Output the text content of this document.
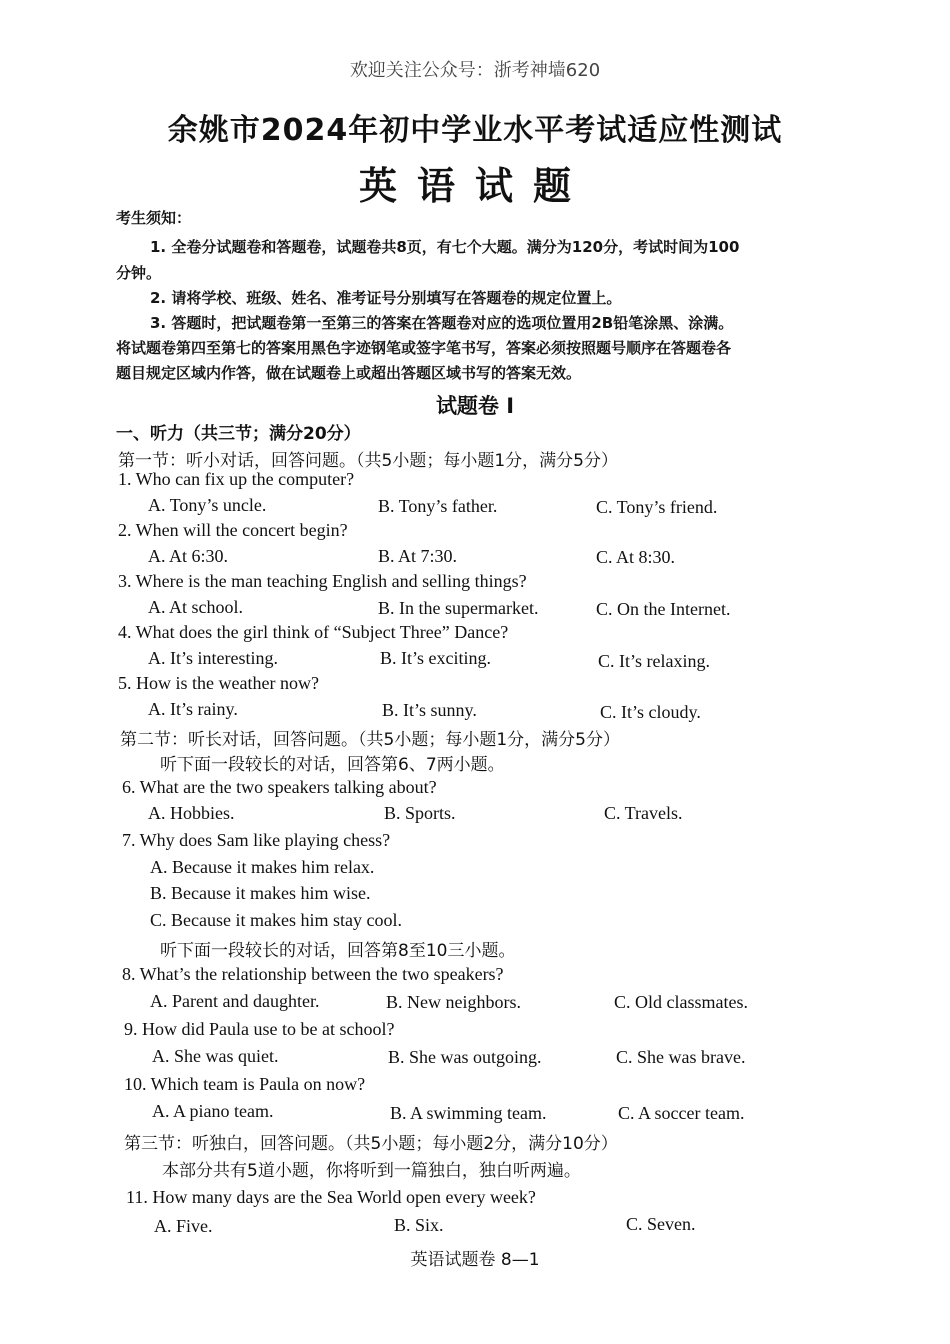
欢迎关注公众号：浙考神墙620
余姚市2024年初中学业水平考试适应性测试
英语试题
考生须知：
1. 全卷分试题卷和答题卷，试题卷共8页，有七个大题。满分为120分，考试时间为100
分钟。
2. 请将学校、班级、姓名、准考证号分别填写在答题卷的规定位置上。
3. 答题时，把试题卷第一至第三的答案在答题卷对应的选项位置用2B铅笔涂黑、涂满。
将试题卷第四至第七的答案用黑色字迹钢笔或签字笔书写，答案必须按照题号顺序在答题卷各
题目规定区域内作答，做在试题卷上或超出答题区域书写的答案无效。
试题卷 Ⅰ
一、听力（共三节；满分20分）
第一节：听小对话，回答问题。（共5小题；每小题1分，满分5分）
1. Who can fix up the computer?
A. Tony’s uncle.	B. Tony’s father.	C. Tony’s friend.
2. When will the concert begin?
A. At 6:30.	B. At 7:30.	C. At 8:30.
3. Where is the man teaching English and selling things?
A. At school.	B. In the supermarket.	C. On the Internet.
4. What does the girl think of “Subject Three” Dance?
A. It’s interesting.	B. It’s exciting.	C. It’s relaxing.
5. How is the weather now?
A. It’s rainy.	B. It’s sunny.	C. It’s cloudy.
第二节：听长对话，回答问题。（共5小题；每小题1分，满分5分）
听下面一段较长的对话，回答第6、7两小题。
6. What are the two speakers talking about?
A. Hobbies.	B. Sports.	C. Travels.
7. Why does Sam like playing chess?
A. Because it makes him relax.
B. Because it makes him wise.
C. Because it makes him stay cool.
听下面一段较长的对话，回答第8至10三小题。
8. What’s the relationship between the two speakers?
A. Parent and daughter.	B. New neighbors.	C. Old classmates.
9. How did Paula use to be at school?
A. She was quiet.	B. She was outgoing.	C. She was brave.
10. Which team is Paula on now?
A. A piano team.	B. A swimming team.	C. A soccer team.
第三节：听独白，回答问题。（共5小题；每小题2分，满分10分）
本部分共有5道小题，你将听到一篇独白，独白听两遍。
11. How many days are the Sea World open every week?
A. Five.	B. Six.	C. Seven.
英语试题卷 8—1
